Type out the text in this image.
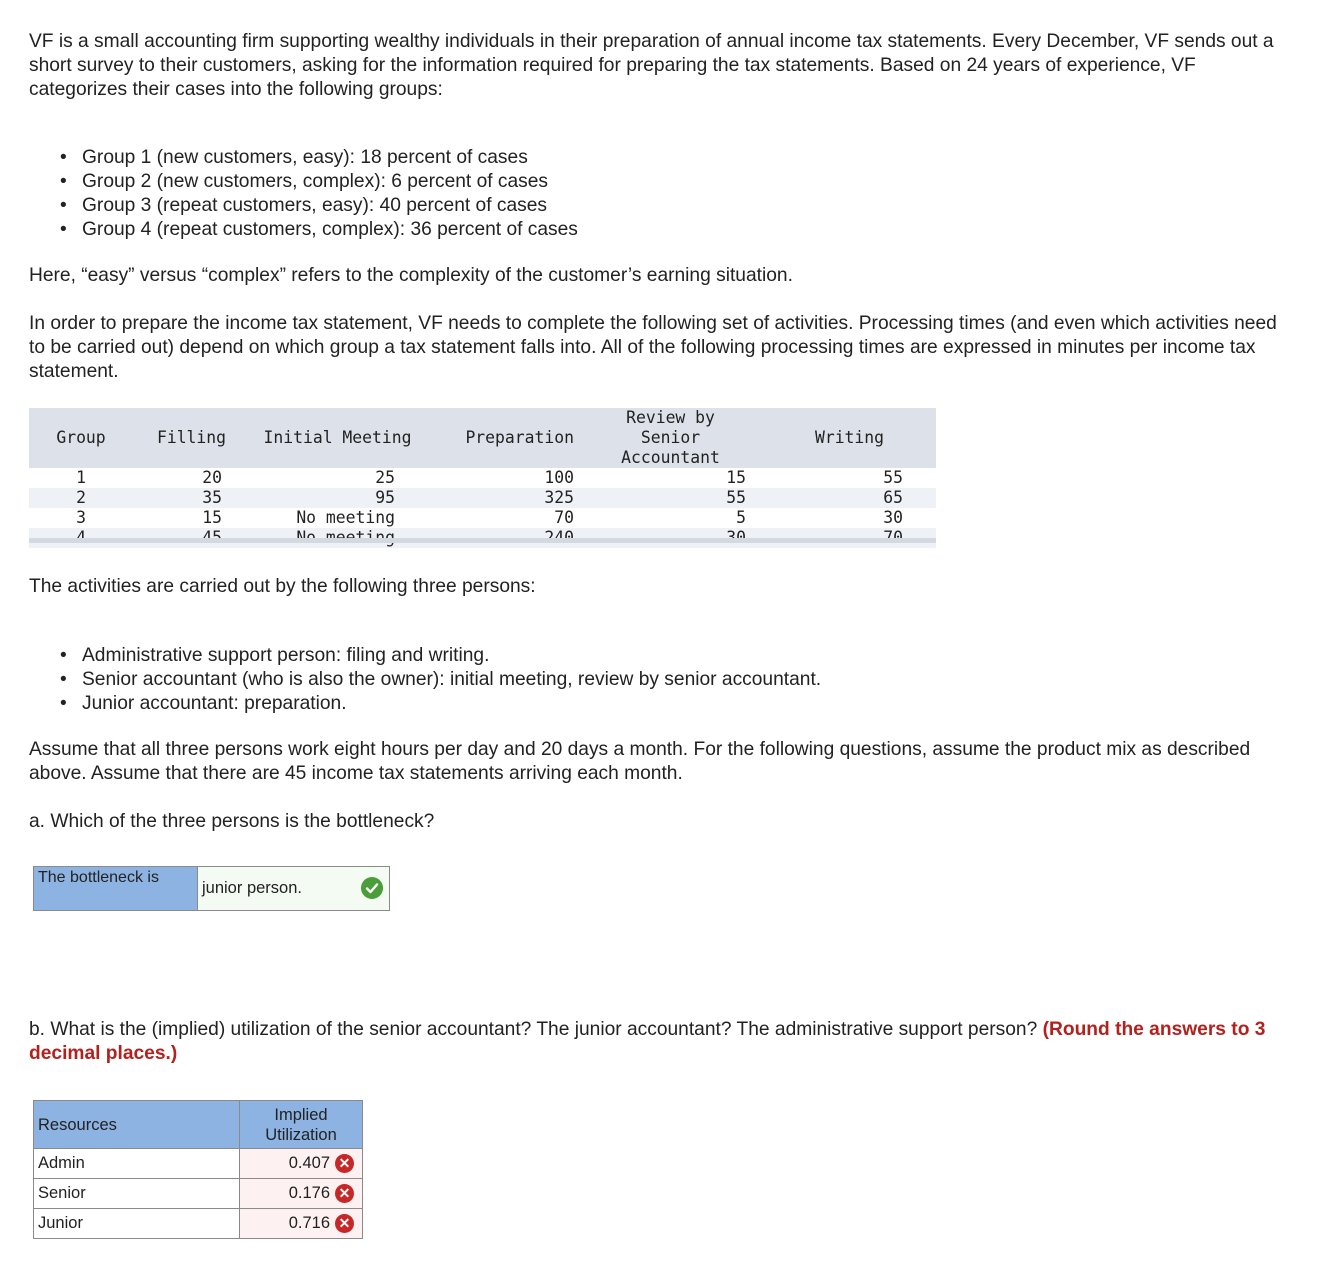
VF is a small accounting firm supporting wealthy individuals in their preparation of annual income tax statements. Every December, VF sends out a short survey to their customers, asking for the information required for preparing the tax statements. Based on 24 years of experience, VF categorizes their cases into the following groups:

• Group 1 (new customers, easy): 18 percent of cases
• Group 2 (new customers, complex): 6 percent of cases
• Group 3 (repeat customers, easy): 40 percent of cases
• Group 4 (repeat customers, complex): 36 percent of cases

Here, “easy” versus “complex” refers to the complexity of the customer’s earning situation.

In order to prepare the income tax statement, VF needs to complete the following set of activities. Processing times (and even which activities need to be carried out) depend on which group a tax statement falls into. All of the following processing times are expressed in minutes per income tax statement.

Group	Filling	Initial Meeting	Preparation	Review by Senior Accountant	Writing
1	20	25	100	15	55
2	35	95	325	55	65
3	15	No meeting	70	5	30

The activities are carried out by the following three persons:

• Administrative support person: filing and writing.
• Senior accountant (who is also the owner): initial meeting, review by senior accountant.
• Junior accountant: preparation.

Assume that all three persons work eight hours per day and 20 days a month. For the following questions, assume the product mix as described above. Assume that there are 45 income tax statements arriving each month.

a. Which of the three persons is the bottleneck?

The bottleneck is
junior person.

b. What is the (implied) utilization of the senior accountant? The junior accountant? The administrative support person? (Round the answers to 3 decimal places.)

Resources	Implied Utilization
Admin	0.407 ✕
Senior	0.176 ✕
Junior	0.716 ✕
